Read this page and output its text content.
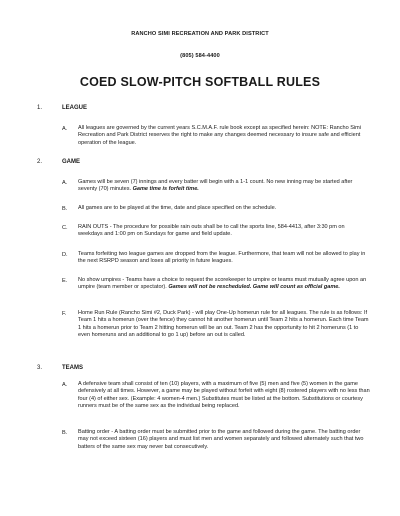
RANCHO SIMI RECREATION AND PARK DISTRICT
(805) 584-4400
COED SLOW-PITCH SOFTBALL RULES
1.	LEAGUE
A. All leagues are governed by the current years S.C.M.A.F. rule book except as specified herein: NOTE: Rancho Simi Recreation and Park District reserves the right to make any changes deemed necessary to insure safe and efficient operation of the league.
2.	GAME
A. Games will be seven (7) innings and every batter will begin with a 1-1 count. No new inning may be started after seventy (70) minutes. Game time is forfeit time.
B. All games are to be played at the time, date and place specified on the schedule.
C. RAIN OUTS - The procedure for possible rain outs shall be to call the sports line, 584-4413, after 3:30 pm on weekdays and 1:00 pm on Sundays for game and field update.
D. Teams forfeiting two league games are dropped from the league. Furthermore, that team will not be allowed to play in the next RSRPD season and loses all priority in future leagues.
E. No show umpires - Teams have a choice to request the scorekeeper to umpire or teams must mutually agree upon an umpire (team member or spectator). Games will not be rescheduled. Game will count as official game.
F. Home Run Rule (Rancho Simi #2, Duck Park) - will play One-Up homerun rule for all leagues. The rule is as follows: If Team 1 hits a homerun (over the fence) they cannot hit another homerun until Team 2 hits a homerun. Each time Team 1 hits a homerun prior to Team 2 hitting homerun will be an out. Team 2 has the opportunity to hit 2 homeruns (1 to even homeruns and an additional to go 1 up) before an out is called.
3.	TEAMS
A. A defensive team shall consist of ten (10) players, with a maximum of five (5) men and five (5) women in the game defensively at all times. However, a game may be played without forfeit with eight (8) rostered players with no less than four (4) of either sex. (Example: 4 women-4 men.) Substitutes must be listed at the bottom. Substitutions or courtesy runners must be of the same sex as the individual being replaced.
B. Batting order - A batting order must be submitted prior to the game and followed during the game. The batting order may not exceed sixteen (16) players and must list men and women separately and followed alternately such that two batters of the same sex may never bat consecutively.
